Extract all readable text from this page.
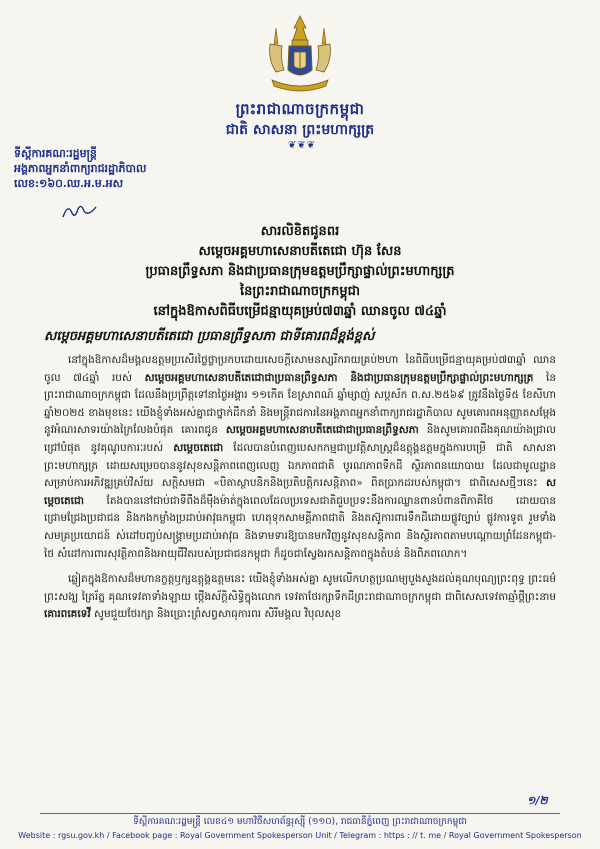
ព្រះរាជាណាចក្រកម្ពុជា
ជាតិ សាសនា ព្រះមហាក្សត្រ
❦❦❦
ទីស្តីការគណៈរដ្ឋមន្ត្រី
អង្គភាពអ្នកនាំពាក្យរាជរដ្ឋាភិបាល
លេខ:១៦០.ឈ.អ.ម.អស
សារលិខិតជូនពរ
សម្តេចអគ្គមហាសេនាបតីតេជោ ហ៊ុន សែន
ប្រធានព្រឹទ្ធសភា និងជាប្រធានក្រុមឧត្តមប្រឹក្សាផ្ទាល់ព្រះមហាក្សត្រ
នៃព្រះរាជាណាចក្រកម្ពុជា
នៅក្នុងឱកាសពិធីបម្រើជន្មាយុគម្រប់៧៣ឆ្នាំ ឈានចូល ៧៤ឆ្នាំ
សម្តេចអគ្គមហាសេនាបតីតេជោ ប្រធានព្រឹទ្ធសភា ជាទីគោរពដ៏ខ្ពង់ខ្ពស់

នៅក្នុងឱកាសដ៏មង្គលឧត្តមប្រសើរថ្លៃថ្លាប្រកបដោយសេចក្តីសោមនស្សរីករាយគ្រប់២ហា នៃពិធីបម្រើជន្មាយុគម្រប់៧៣ឆ្នាំ ឈានចូល ៧៤ឆ្នាំ របស់ សម្តេចអគ្គមហាសេនាបតីតេជោជាប្រធានព្រឹទ្ធសភា និងជាប្រធានក្រុមឧត្តមប្រឹក្សាផ្ទាល់ព្រះមហាក្សត្រ នៃព្រះរាជាណាចក្រកម្ពុជា ដែលនឹងប្រព្រឹត្តទៅនាថ្ងៃអង្គារ ១១កើត ខែស្រាពណ៍ ឆ្នាំម្សាញ់ សប្តស័ក ព.ស.២៥៦៩ ត្រូវនឹងថ្ងៃទី៥ ខែសីហា ឆ្នាំ២០២៥ ខាងមុខនេះ យើងខ្ញុំទាំងអស់គ្នាជាថ្នាក់ដឹកនាំ និងមន្ត្រីរាជការនៃអង្គភាពអ្នកនាំពាក្យរាជរដ្ឋាភិបាល សូមគោរពអនុញ្ញាតសម្តែងនូវអំណរសាទរយ៉ាងក្រៃលែងបំផុត គោរពជូន សម្តេចអគ្គមហាសេនាបតីតេជោជាប្រធានព្រឹទ្ធសភា និងសូមគោរពដឹងគុណយ៉ាងជ្រាលជ្រៅបំផុត នូវគុណូបការៈរបស់ សម្តេចតេជោ ដែលបានបំពេញបេសកកម្មជាប្រវត្តិសាស្ត្រដ៏ឧត្តុង្គឧត្តមក្នុងការបម្រើ ជាតិ សាសនា ព្រះមហាក្សត្រ ដោយសម្រេចបាននូវសុខសន្តិភាពពេញលេញ ឯកភាពជាតិ បូរណភាពទឹកដី ស្ថិរភាពនយោបាយ ដែលជាមូលដ្ឋានសម្រាប់ការអភិវឌ្ឍគ្រប់វិស័យ សក្តិសមជា «បិតាស្ថាបនិកនិងប្រតិបត្តិករសន្តិភាព» ពិតប្រាកដរបស់កម្ពុជា។ ជាពិសេសថ្មីៗនេះ សម្តេចតេជោ តែងបាននៅជាប់ជាទីពឹងដ៏ម៉ឺងម៉ាត់ក្នុងពេលដែលប្រទេសជាតិជួបប្រទះនឹងការឈ្លានពានបំពានពីភាគីថៃ ដោយបានជ្រោមជ្រែងប្រជាជន និងកងកម្លាំងប្រដាប់អាវុធកម្ពុជា ហេតុទុកសាមគ្គីភាពជាតិ និងតស៊ូការពារទឹកដីដោយផ្លូវច្បាប់ ផ្លូវការទូត រួមទាំងសមគ្រប្រយោជន៍ ស់ដៅបញ្ចប់សង្គ្រាមប្រដាប់អាវុធ និងទាមទារឱ្យបានមកវិញនូវសុខសន្តិភាព និងស្ថិរភាពតាមបណ្តោយព្រំដែនកម្ពុជា-ថៃ សំដៅការពារសុវត្ថិភាពនិងអាយុជីវិតរបស់ប្រជាជនកម្ពុជា ក៏ដូចជាស្វែងរកសន្តិភាពក្នុងតំបន់ និងពិភពលោក។

ឆ្លៀតក្នុងឱកាសដ៏មហានក្ខត្តឫក្សឧត្តុង្គឧត្តមនេះ យើងខ្ញុំទាំងអស់គ្នា សូមលើកហត្ថប្រណម្យបួងសួងដល់គុណបុណ្យព្រះពុទ្ធ ព្រះធម៌ ព្រះសង្ឃ ត្រៃរ័ត្ន គុណទេវតាទាំងឡាយ ថ្កើងស័ក្តិសិទ្ធិក្នុងលោក ទេវតាថែរក្សាទឹកដីព្រះរាជាណាចក្រកម្ពុជា ជាពិសេសទេវតាឆ្មាំថ្ពីព្រះនាម គោរពគេទេវី សូមជួយថែរក្សា និងប្រោះព្រំសព្វសាធុការពរ សិរីមង្គល វិបុលសុខ

១/២
ទីស្តីការគណៈរដ្ឋមន្ត្រី លេខ៤១ មហាវិថីសហព័ន្ធរុស្ស៊ី (១១០), រាជធានីភ្នំពេញ ព្រះរាជាណាចក្រកម្ពុជា
Website : rgsu.gov.kh / Facebook page : Royal Government Spokesperson Unit / Telegram : https : // t. me / Royal Government Spokesperson
